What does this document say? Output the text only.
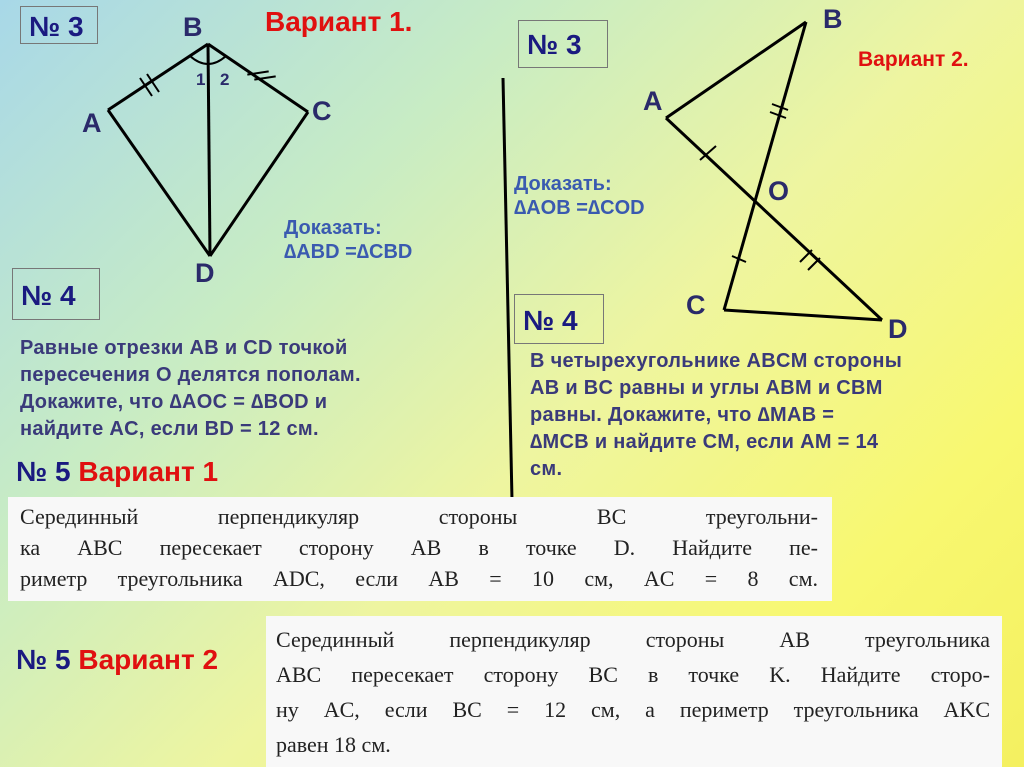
№ 3	Вариант 1.
B
A	C
D
1 2
Доказать:
∆ABD =∆CBD
№ 3	Вариант 2.
B
A
O
C
D
Доказать:
∆AOB =∆COD
№ 4
Равные отрезки AB и CD точкой
пересечения O делятся пополам.
Докажите, что ∆AOC = ∆BOD и
найдите AC, если BD = 12 см.
№ 4
В четырехугольнике ABCM стороны
AB и BC равны и углы ABM и CBM
равны. Докажите, что ∆MAB =
∆MCB и найдите CM, если AM = 14
см.
№ 5 Вариант 1
Серединный перпендикуляр стороны BC треугольни-
ка ABC пересекает сторону AB в точке D. Найдите пе-
риметр треугольника ADC, если AB = 10 см, AC = 8 см.
№ 5 Вариант 2
Серединный перпендикуляр стороны AB треугольника
ABC пересекает сторону BC в точке K. Найдите сторо-
ну AC, если BC = 12 см, а периметр треугольника AKC
равен 18 см.
